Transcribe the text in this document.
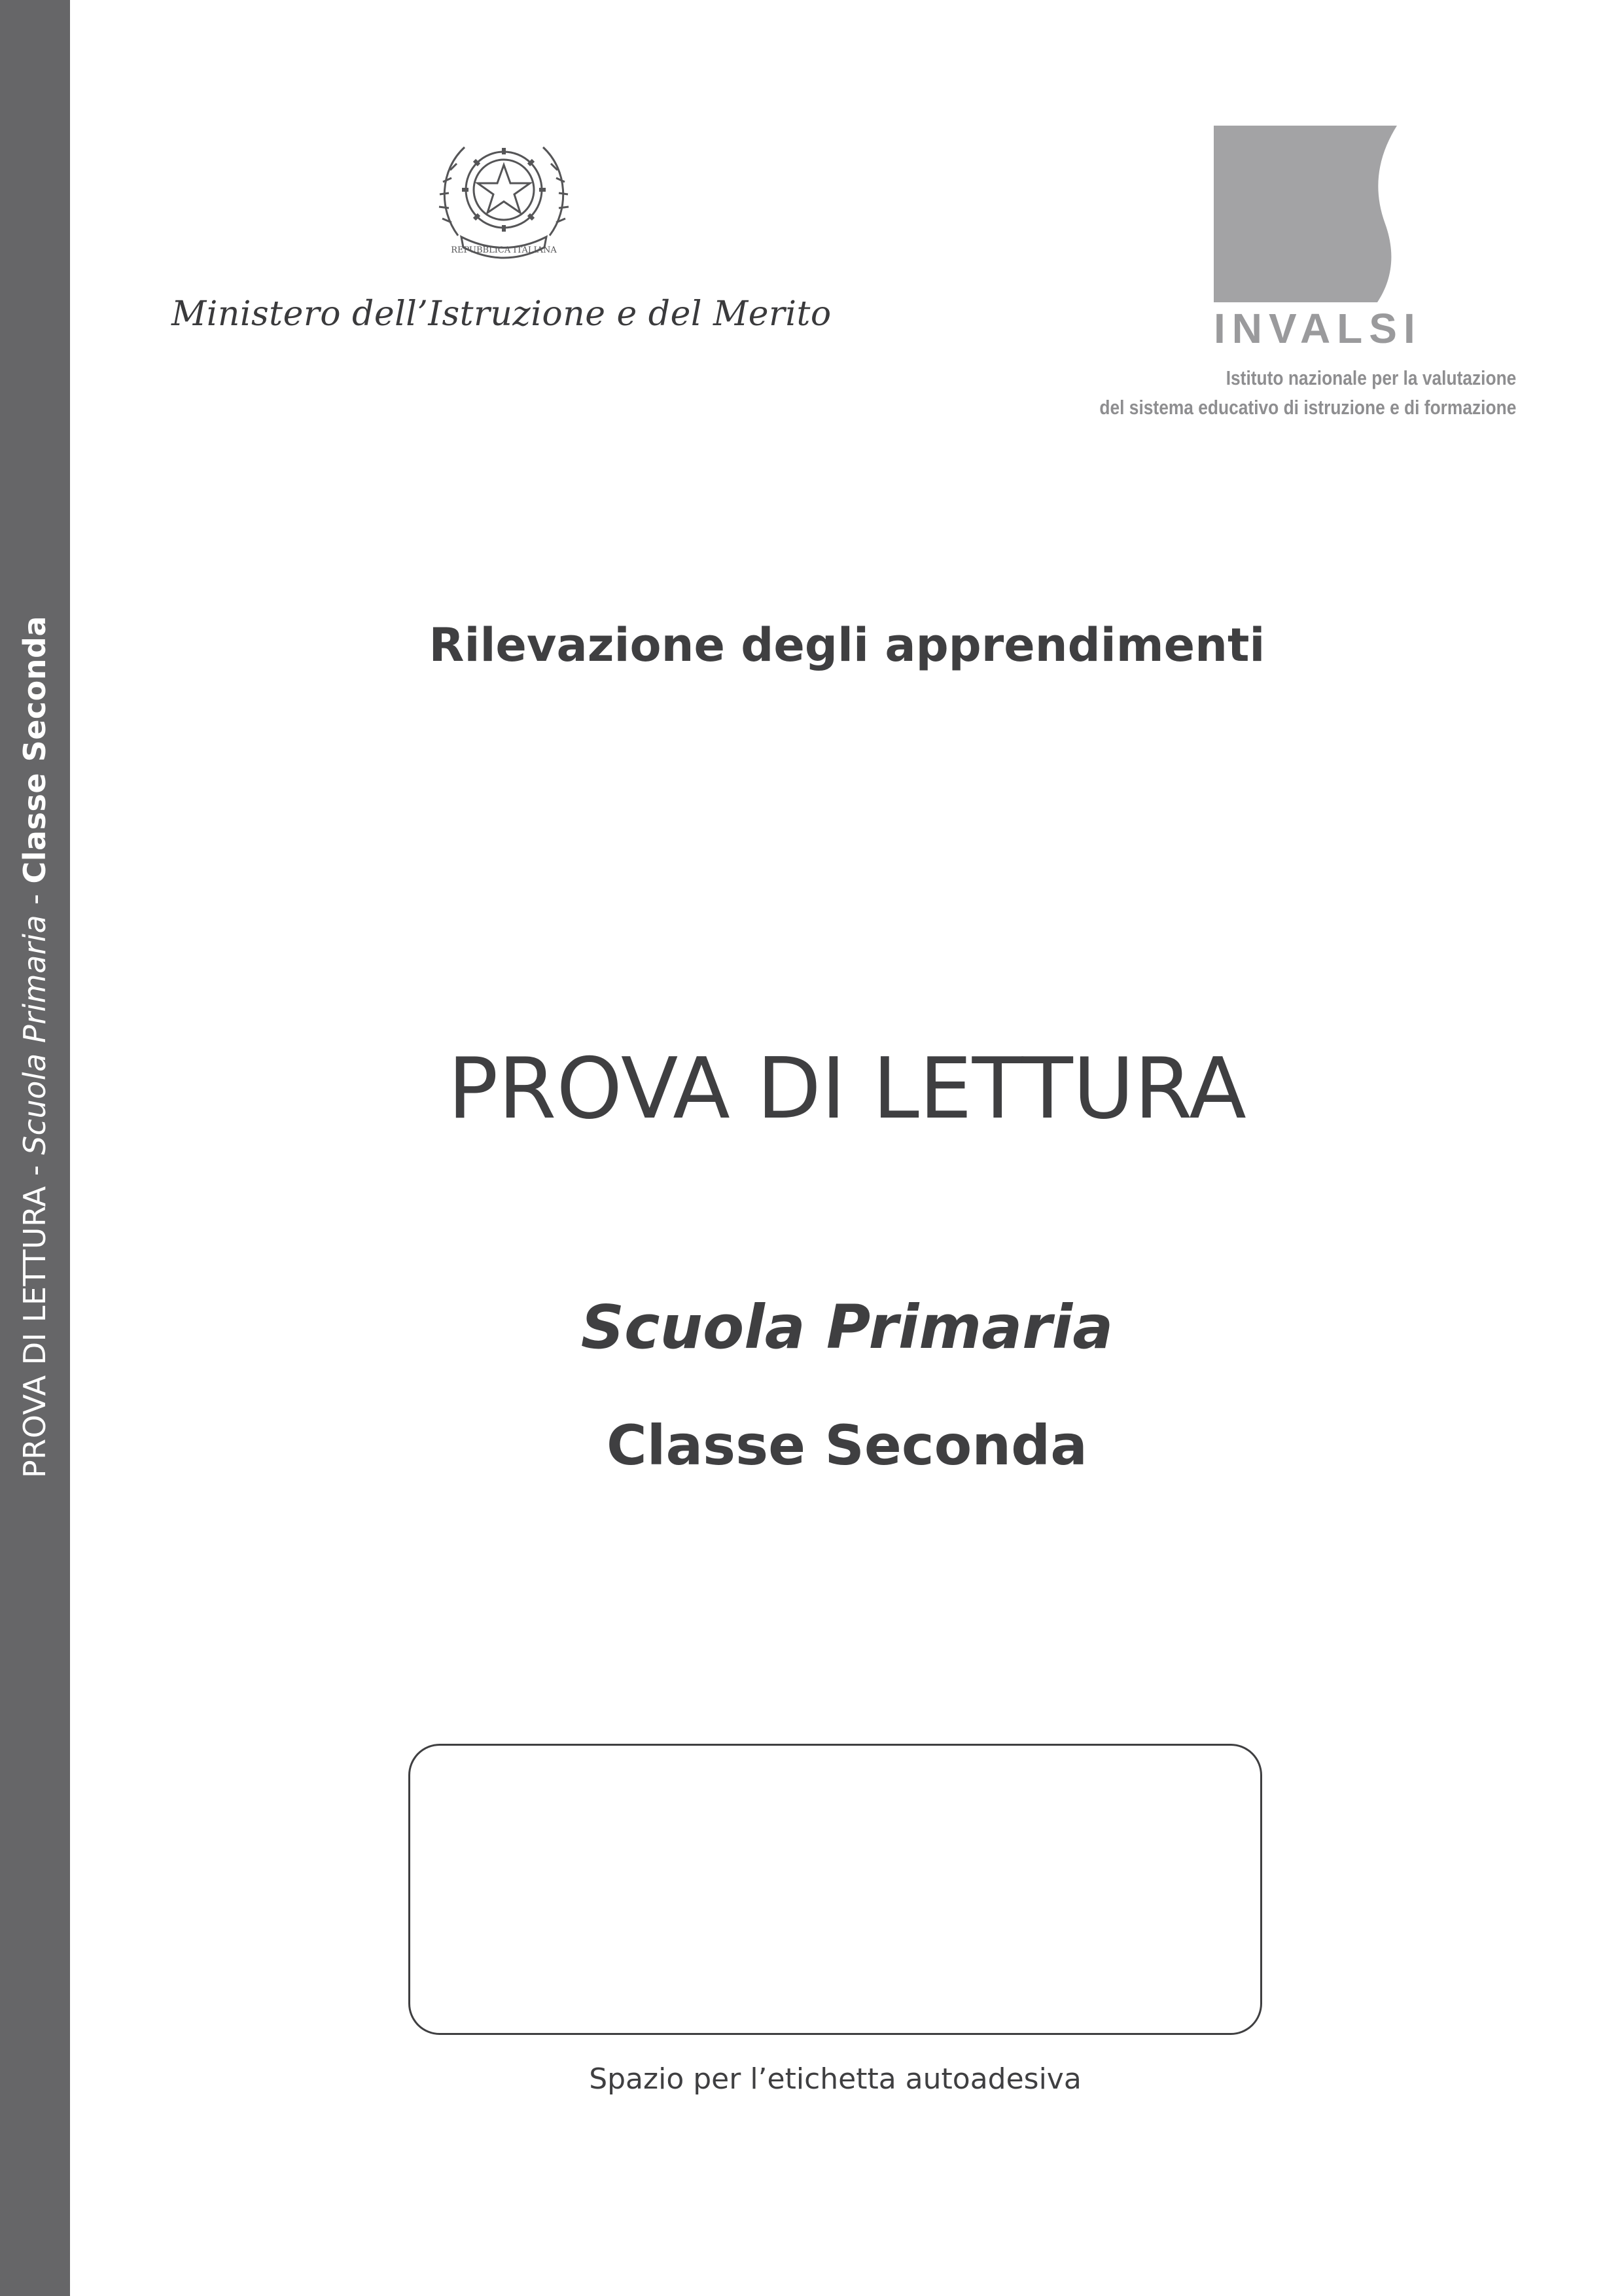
PROVA DI LETTURA - Scuola Primaria - Classe Seconda
REPUBBLICA ITALIANA
Ministero dell’Istruzione e del Merito	INVALSI
Istituto nazionale per la valutazione
del sistema educativo di istruzione e di formazione
Rilevazione degli apprendimenti
PROVA DI LETTURA
Scuola Primaria
Classe Seconda
Spazio per l’etichetta autoadesiva
